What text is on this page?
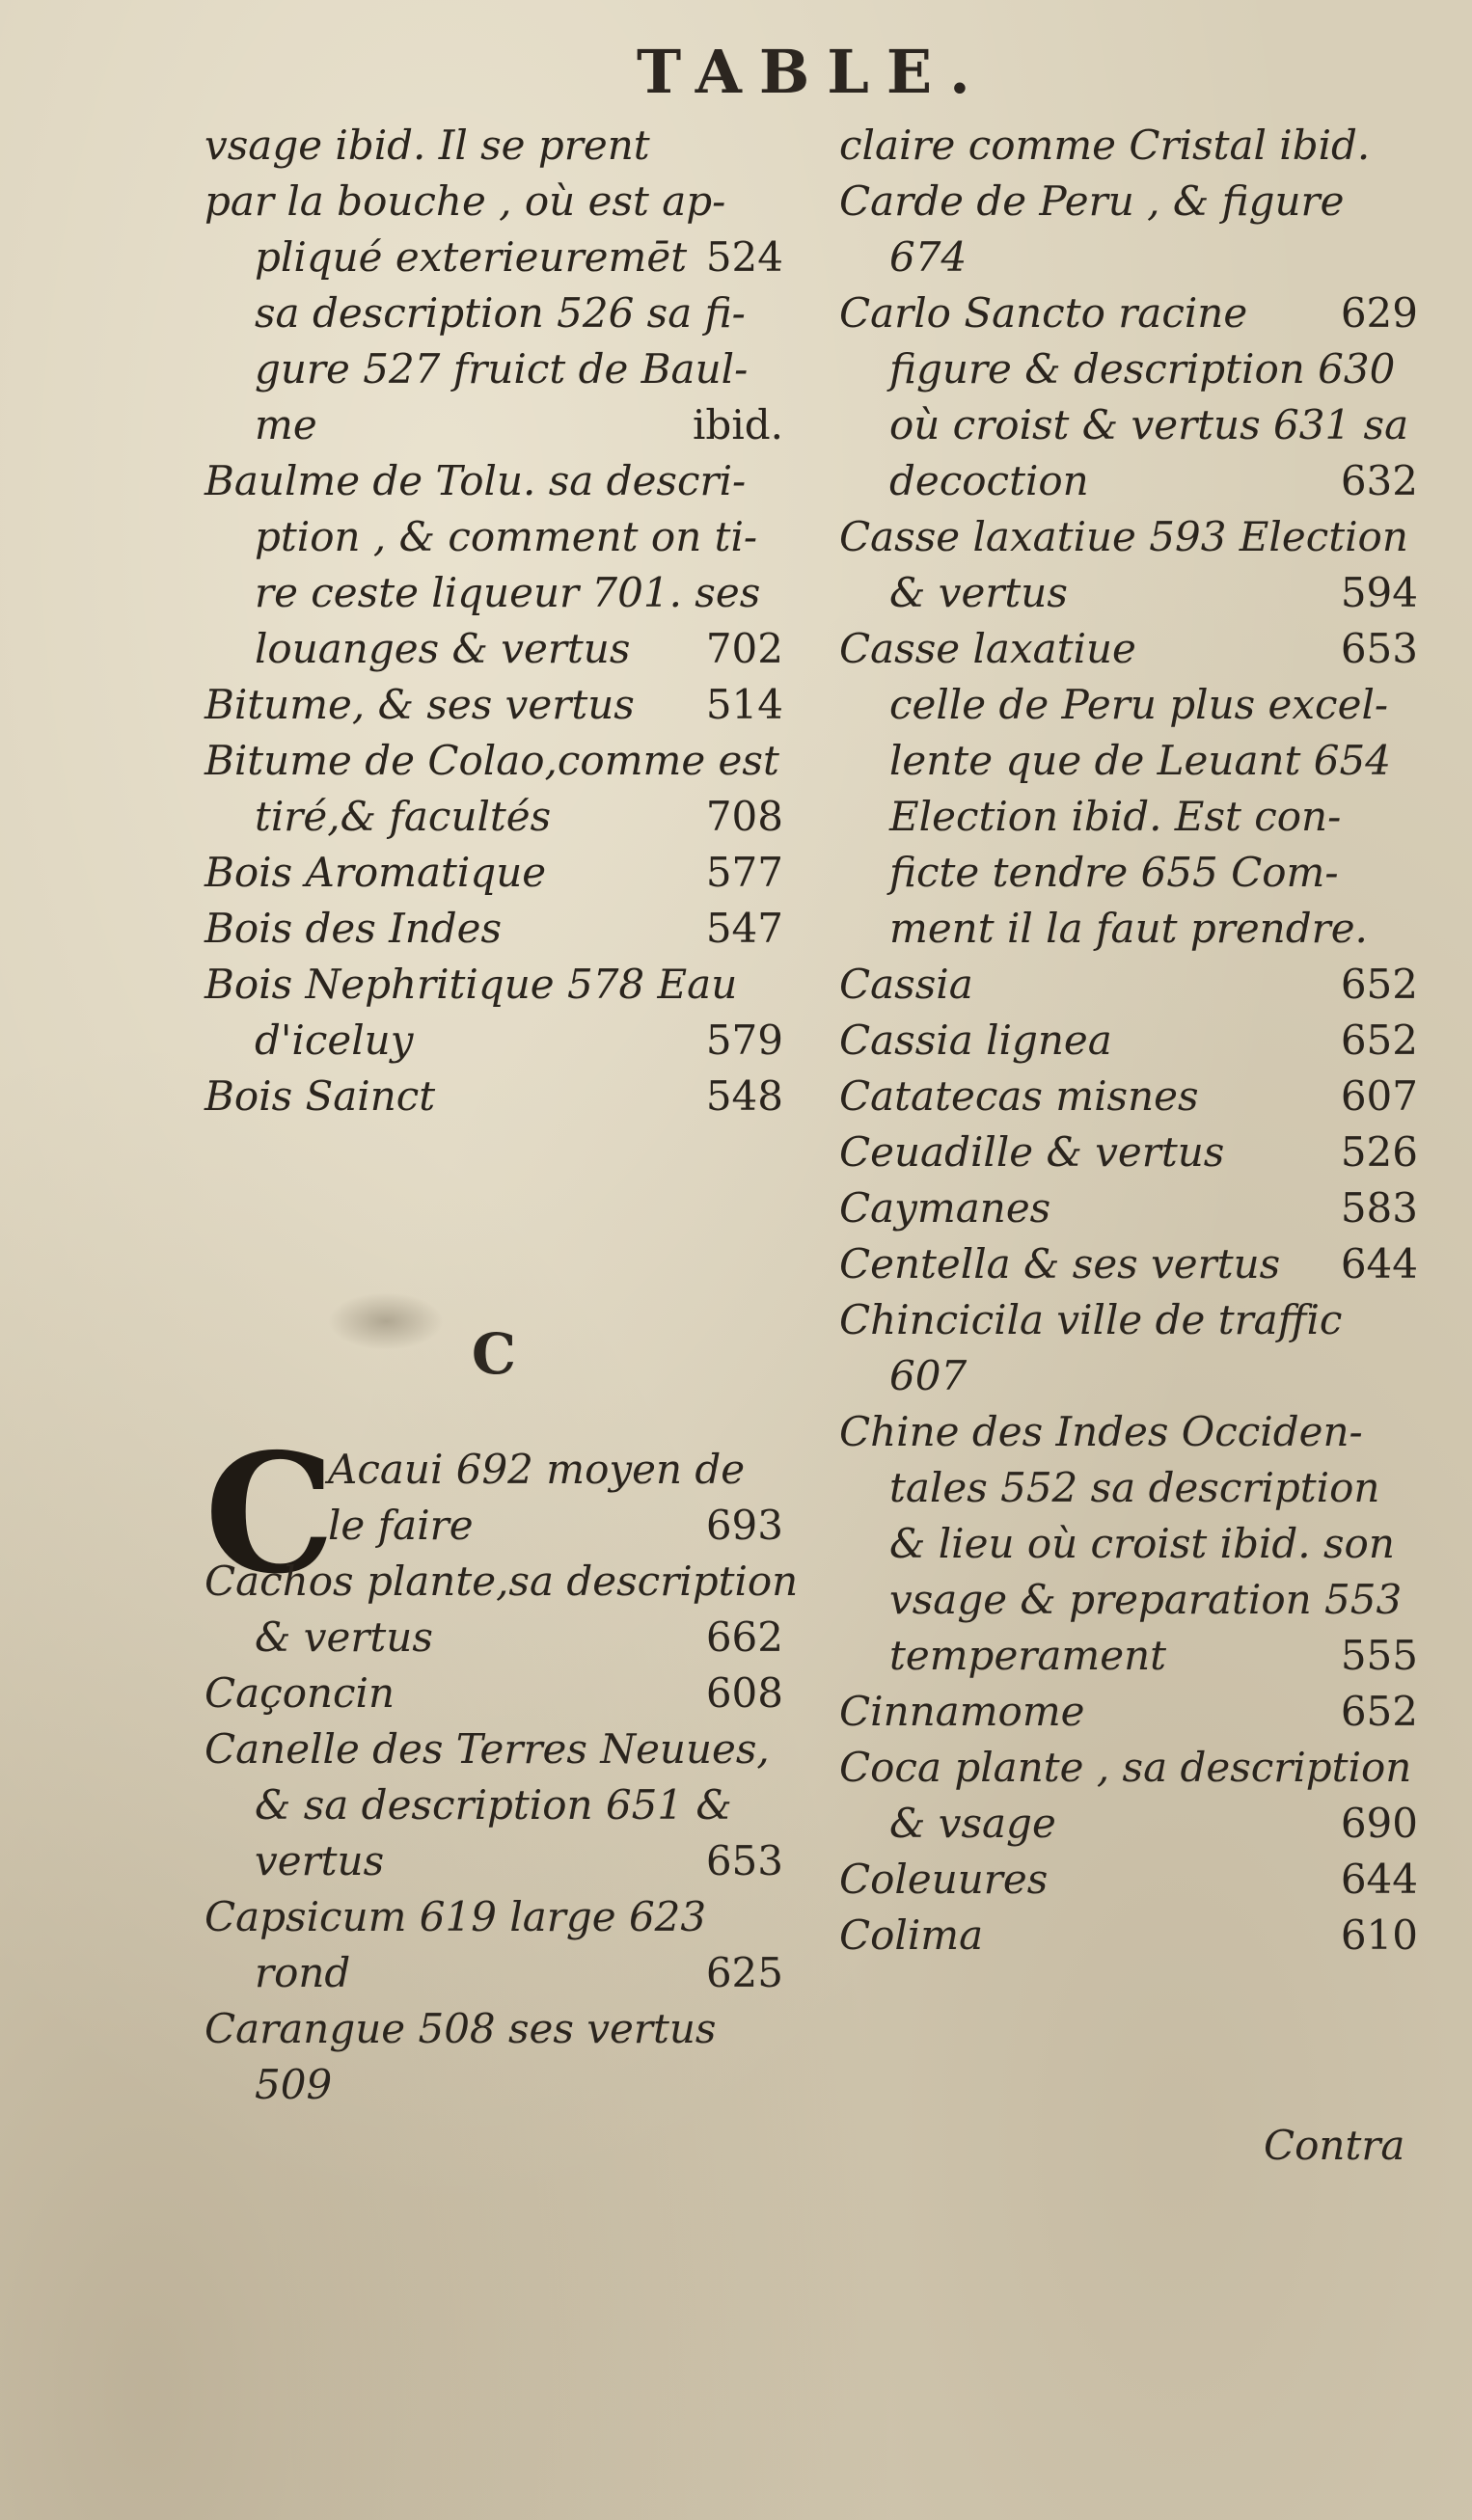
TABLE.
vsage ibid. Il se prent
par la bouche , où est ap-
pliqué exterieuremēt 524
sa description 526 sa fi-
gure 527 fruict de Baul-
me	ibid.
Baulme de Tolu. sa descri-
ption , & comment on ti-
re ceste liqueur 701. ses
louanges & vertus 702
Bitume, & ses vertus 514
Bitume de Colao,comme est
tiré,& facultés	708
Bois Aromatique	577
Bois des Indes	547
Bois Nephritique 578 Eau
d'iceluy	579
Bois Sainct	548
C
C
Acaui 692 moyen de
le faire	693
Cachos plante,sa description
& vertus	662
Caçoncin	608
Canelle des Terres Neuues,
& sa description 651 &
vertus	653
Capsicum 619 large 623
rond	625
Carangue 508 ses vertus
509
claire comme Cristal ibid.
Carde de Peru , & figure
674
Carlo Sancto racine 629
figure & description 630
où croist & vertus 631 sa
decoction	632
Casse laxatiue 593 Election
& vertus	594
Casse laxatiue	653
celle de Peru plus excel-
lente que de Leuant 654
Election ibid. Est con-
ficte tendre 655 Com-
ment il la faut prendre.
Cassia	652
Cassia lignea	652
Catatecas misnes	607
Ceuadille & vertus	526
Caymanes	583
Centella & ses vertus 644
Chincicila ville de traffic
607
Chine des Indes Occiden-
tales 552 sa description
& lieu où croist ibid. son
vsage & preparation 553
temperament	555
Cinnamome	652
Coca plante , sa description
& vsage	690
Coleuures	644
Colima	610
Contra
